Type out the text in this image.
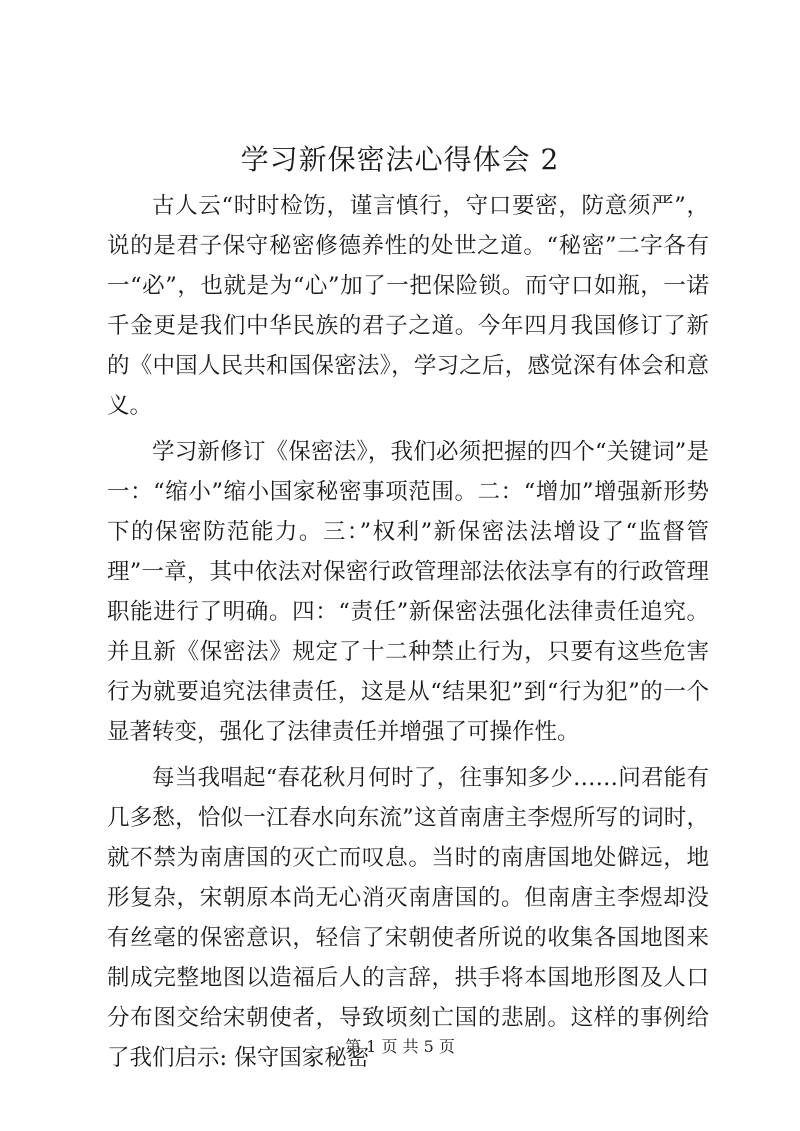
学习新保密法心得体会 2

古人云“时时检饬，谨言慎行，守口要密，防意须严”，说的是君子保守秘密修德养性的处世之道。“秘密”二字各有一“必”，也就是为“心”加了一把保险锁。而守口如瓶，一诺千金更是我们中华民族的君子之道。今年四月我国修订了新的《中国人民共和国保密法》，学习之后，感觉深有体会和意义。

学习新修订《保密法》，我们必须把握的四个“关键词”是一：“缩小”缩小国家秘密事项范围。二：“增加”增强新形势下的保密防范能力。三：”权利”新保密法法增设了“监督管理”一章，其中依法对保密行政管理部法依法享有的行政管理职能进行了明确。四：“责任”新保密法强化法律责任追究。并且新《保密法》规定了十二种禁止行为，只要有这些危害行为就要追究法律责任，这是从“结果犯”到“行为犯”的一个显著转变，强化了法律责任并增强了可操作性。

每当我唱起“春花秋月何时了，往事知多少……问君能有几多愁，恰似一江春水向东流”这首南唐主李煜所写的词时，就不禁为南唐国的灭亡而叹息。当时的南唐国地处僻远，地形复杂，宋朝原本尚无心消灭南唐国的。但南唐主李煜却没有丝毫的保密意识，轻信了宋朝使者所说的收集各国地图来制成完整地图以造福后人的言辞，拱手将本国地形图及人口分布图交给宋朝使者，导致顷刻亡国的悲剧。这样的事例给了我们启示: 保守国家秘密

第 1 页 共 5 页
